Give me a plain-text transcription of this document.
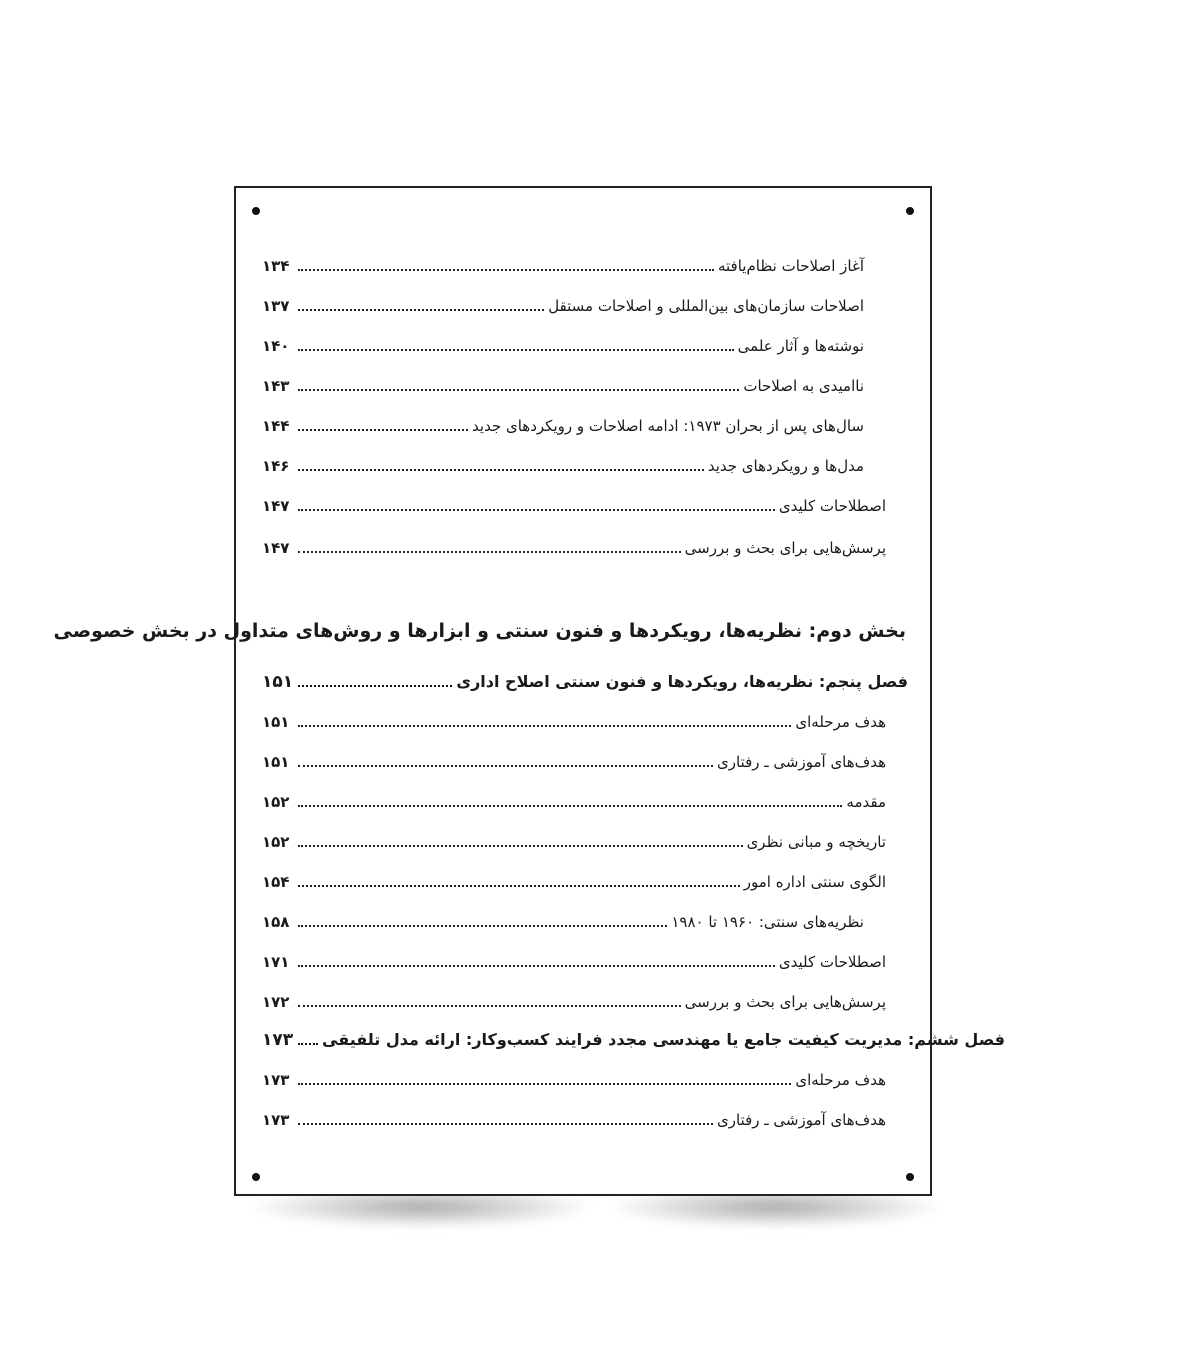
۱۳۴	آغاز اصلاحات نظام‌یافته
۱۳۷	اصلاحات سازمان‌های بین‌المللی و اصلاحات مستقل
۱۴۰	نوشته‌ها و آثار علمی
۱۴۳	ناامیدی به اصلاحات
۱۴۴	سال‌های پس از بحران ۱۹۷۳: ادامه اصلاحات و رویکردهای جدید
۱۴۶	مدل‌ها و رویکردهای جدید
۱۴۷	اصطلاحات کلیدی
۱۴۷	پرسش‌هایی برای بحث و بررسی
بخش دوم: نظریه‌ها، رویکردها و فنون سنتی و ابزارها و روش‌های متداول در بخش خصوصی
۱۵۱	فصل پنجم: نظریه‌ها، رویکردها و فنون سنتی اصلاح اداری
۱۵۱	هدف مرحله‌ای
۱۵۱	هدف‌های آموزشی ـ رفتاری
۱۵۲	مقدمه
۱۵۲	تاریخچه و مبانی نظری
۱۵۴	الگوی سنتی اداره امور
۱۵۸	نظریه‌های سنتی: ۱۹۶۰ تا ۱۹۸۰
۱۷۱	اصطلاحات کلیدی
۱۷۲	پرسش‌هایی برای بحث و بررسی
۱۷۳ فصل ششم: مدیریت کیفیت جامع یا مهندسی مجدد فرایند کسب‌وکار: ارائه مدل تلفیقی
۱۷۳	هدف مرحله‌ای
۱۷۳	هدف‌های آموزشی ـ رفتاری
